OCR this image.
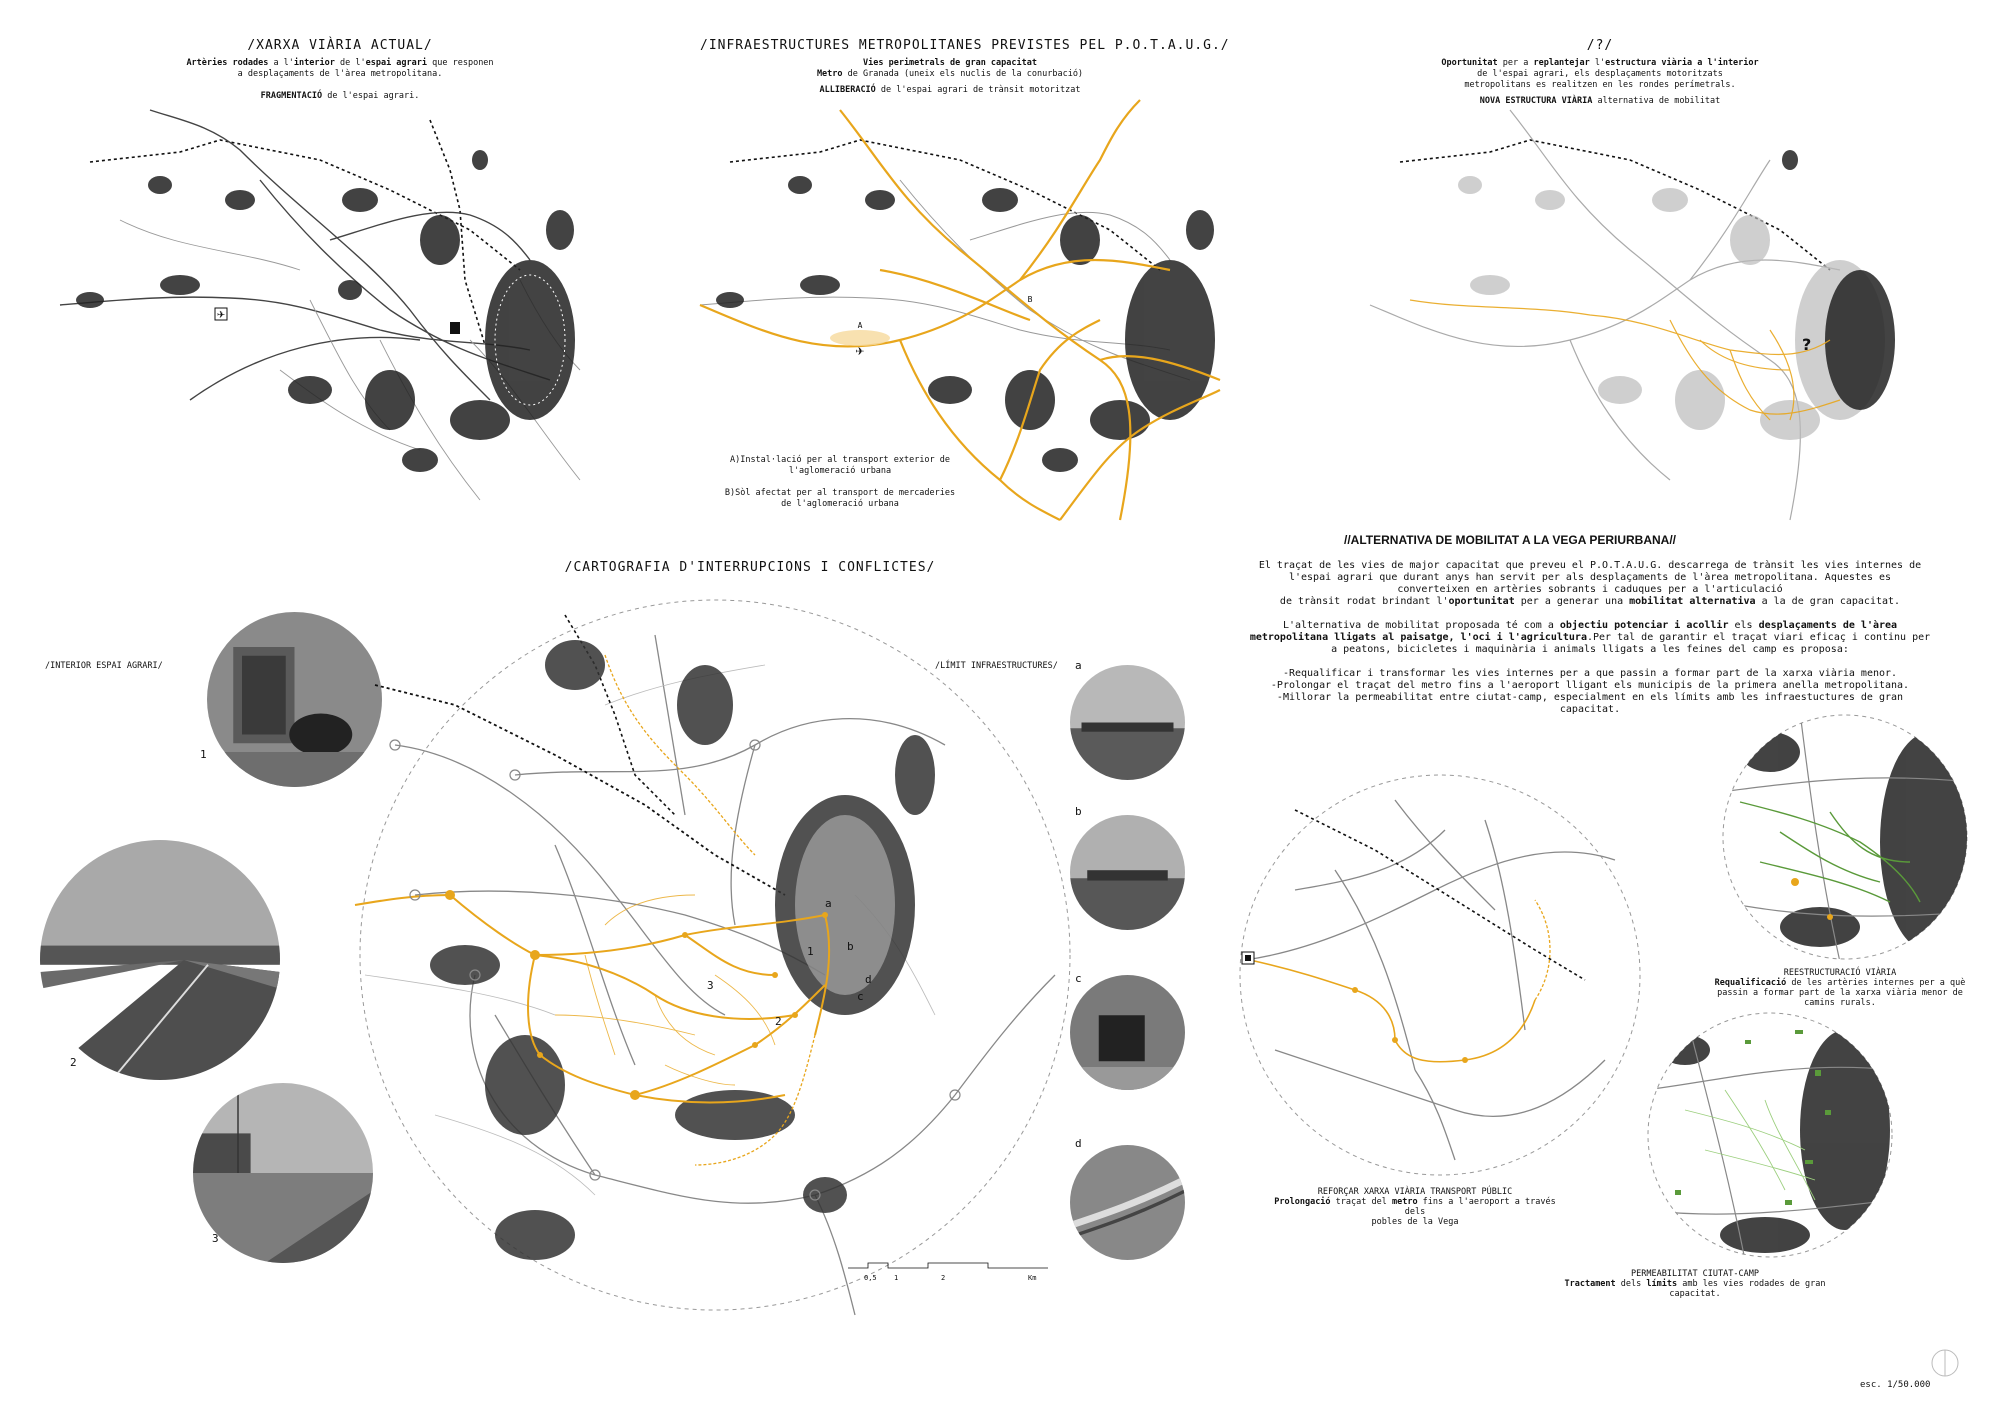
/XARXA VIÀRIA ACTUAL/
Artèries rodades a l'interior de l'espai agrari que responen
a desplaçaments de l'àrea metropolitana.
FRAGMENTACIÓ de l'espai agrari.
✈
/INFRAESTRUCTURES METROPOLITANES PREVISTES PEL P.O.T.A.U.G./
Vies perimetrals de gran capacitat
Metro de Granada (uneix els nuclis de la conurbació)
ALLIBERACIÓ de l'espai agrari de trànsit motoritzat
A
B
✈
A)Instal·lació per al transport exterior de
l'aglomeració urbana
B)Sòl afectat per al transport de mercaderies
de l'aglomeració urbana
/?/
Oportunitat per a replantejar l'estructura viària a l'interior
de l'espai agrari, els desplaçaments motoritzats
metropolitans es realitzen en les rondes perímetrals.
NOVA ESTRUCTURA VIÀRIA alternativa de mobilitat
?
/CARTOGRAFIA D'INTERRUPCIONS I CONFLICTES/
/INTERIOR ESPAI AGRARI/	/LÍMIT INFRAESTRUCTURES/
1
2
3
a
b
c
d
1
2
3
0,5 1	2	Km
a
b
c
d
//ALTERNATIVA DE MOBILITAT A LA VEGA PERIURBANA//
El traçat de les vies de major capacitat que preveu el P.O.T.A.U.G. descarrega de trànsit les vies internes de
l'espai agrari que durant anys han servit per als desplaçaments de l'àrea metropolitana. Aquestes es
converteixen en artèries sobrants i caduques per a l'articulació
de trànsit rodat brindant l'oportunitat per a generar una mobilitat alternativa a la de gran capacitat.
L'alternativa de mobilitat proposada té com a objectiu potenciar i acollir els desplaçaments de l'àrea
metropolitana lligats al paisatge, l'oci i l'agricultura.Per tal de garantir el traçat viari eficaç i continu per
a peatons, bicicletes i maquinària i animals lligats a les feines del camp es proposa:
-Requalificar i transformar les vies internes per a que passin a formar part de la xarxa viària menor.
-Prolongar el traçat del metro fins a l'aeroport lligant els municipis de la primera anella metropolitana.
-Millorar la permeabilitat entre ciutat-camp, especialment en els límits amb les infraestuctures de gran
capacitat.
REFORÇAR XARXA VIÀRIA TRANSPORT PÚBLIC
Prolongació traçat del metro fins a l'aeroport a través dels
pobles de la Vega
REESTRUCTURACIÓ VIÀRIA
Requalificació de les artèries internes per a què
passin a formar part de la xarxa viària menor de
camins rurals.
PERMEABILITAT CIUTAT-CAMP
Tractament dels límits amb les vies rodades de gran capacitat.
esc. 1/50.000
